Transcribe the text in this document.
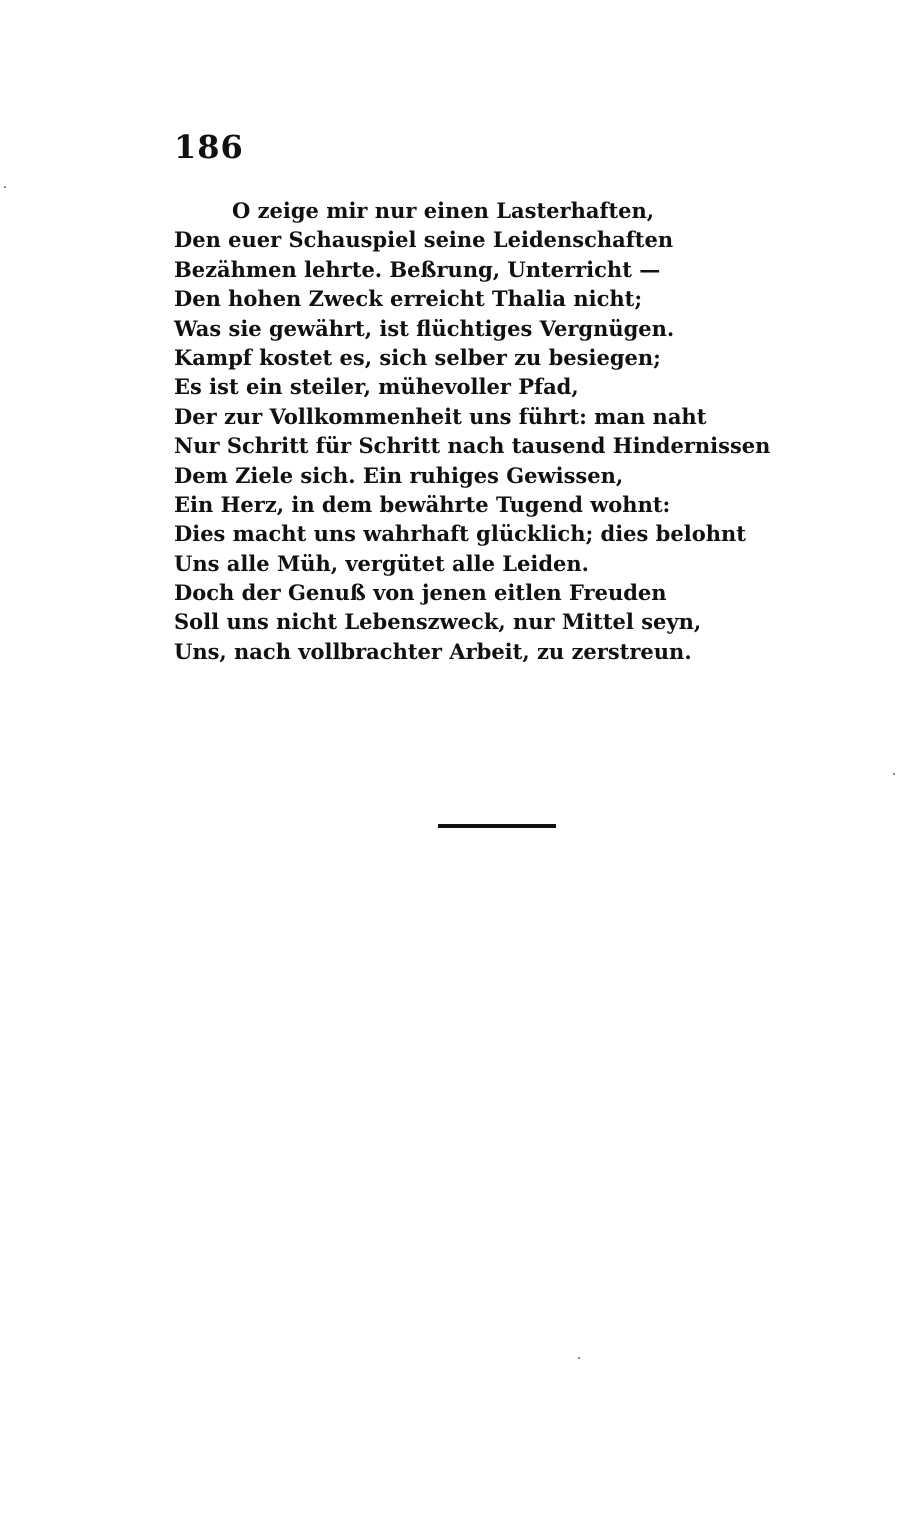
186
O zeige mir nur einen Lasterhaften,
Den euer Schauspiel seine Leidenschaften
Bezähmen lehrte. Beßrung, Unterricht —
Den hohen Zweck erreicht Thalia nicht;
Was sie gewährt, ist flüchtiges Vergnügen.
Kampf kostet es, sich selber zu besiegen;
Es ist ein steiler, mühevoller Pfad,
Der zur Vollkommenheit uns führt: man naht
Nur Schritt für Schritt nach tausend Hindernissen
Dem Ziele sich. Ein ruhiges Gewissen,
Ein Herz, in dem bewährte Tugend wohnt:
Dies macht uns wahrhaft glücklich; dies belohnt
Uns alle Müh, vergütet alle Leiden.
Doch der Genuß von jenen eitlen Freuden
Soll uns nicht Lebenszweck, nur Mittel seyn,
Uns, nach vollbrachter Arbeit, zu zerstreun.
